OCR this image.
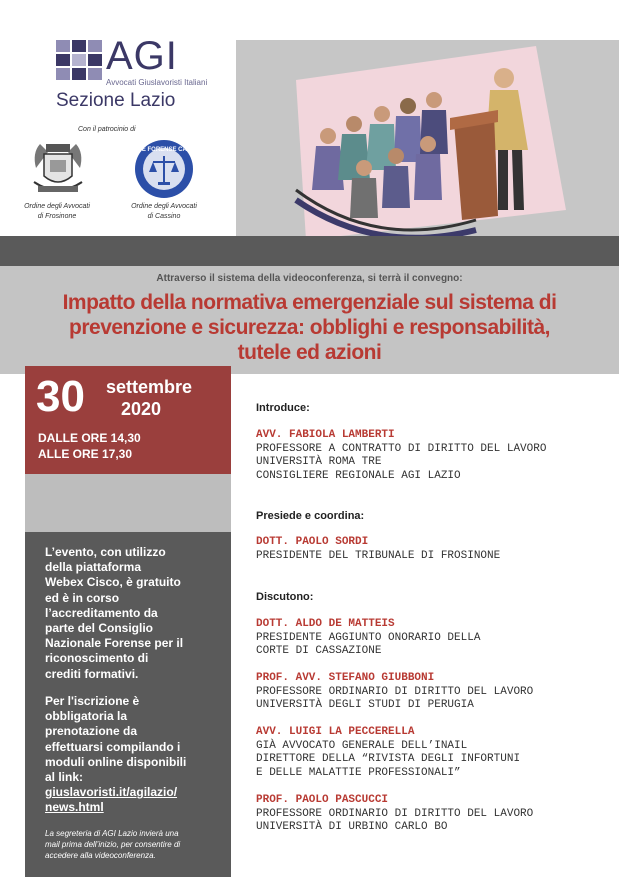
AGI
Avvocati Giuslavoristi Italiani
Sezione Lazio
Con il patrocinio di
ORDINE FORENSE CASSINO
Ordine degli Avvocati
di Frosinone
Ordine degli Avvocati
di Cassino
Attraverso il sistema della videoconferenza, si terrà il convegno:
Impatto della normativa emergenziale sul sistema di
prevenzione e sicurezza: obblighi e responsabilità,
tutele ed azioni
30 settembre
2020
DALLE ORE 14,30
ALLE ORE 17,30
L’evento, con utilizzo
della piattaforma
Webex Cisco, è gratuito
ed è in corso
l’accreditamento da
parte del Consiglio
Nazionale Forense per il
riconoscimento di
crediti formativi.
Per l'iscrizione è
obbligatoria la
prenotazione da
effettuarsi compilando i
moduli online disponibili
al link:
giuslavoristi.it/agilazio/
news.html
La segreteria di AGI Lazio invierà una
mail prima dell’inizio, per consentire di
accedere alla videoconferenza.
Introduce:
AVV. FABIOLA LAMBERTI
PROFESSORE A CONTRATTO DI DIRITTO DEL LAVORO
UNIVERSITÀ ROMA TRE
CONSIGLIERE REGIONALE AGI LAZIO
Presiede e coordina:
DOTT. PAOLO SORDI
PRESIDENTE DEL TRIBUNALE DI FROSINONE
Discutono:
DOTT. ALDO DE MATTEIS
PRESIDENTE AGGIUNTO ONORARIO DELLA
CORTE DI CASSAZIONE
PROF. AVV. STEFANO GIUBBONI
PROFESSORE ORDINARIO DI DIRITTO DEL LAVORO
UNIVERSITÀ DEGLI STUDI DI PERUGIA
AVV. LUIGI LA PECCERELLA
GIÀ AVVOCATO GENERALE DELL’INAIL
DIRETTORE DELLA “RIVISTA DEGLI INFORTUNI
E DELLE MALATTIE PROFESSIONALI”
PROF. PAOLO PASCUCCI
PROFESSORE ORDINARIO DI DIRITTO DEL LAVORO
UNIVERSITÀ DI URBINO CARLO BO
